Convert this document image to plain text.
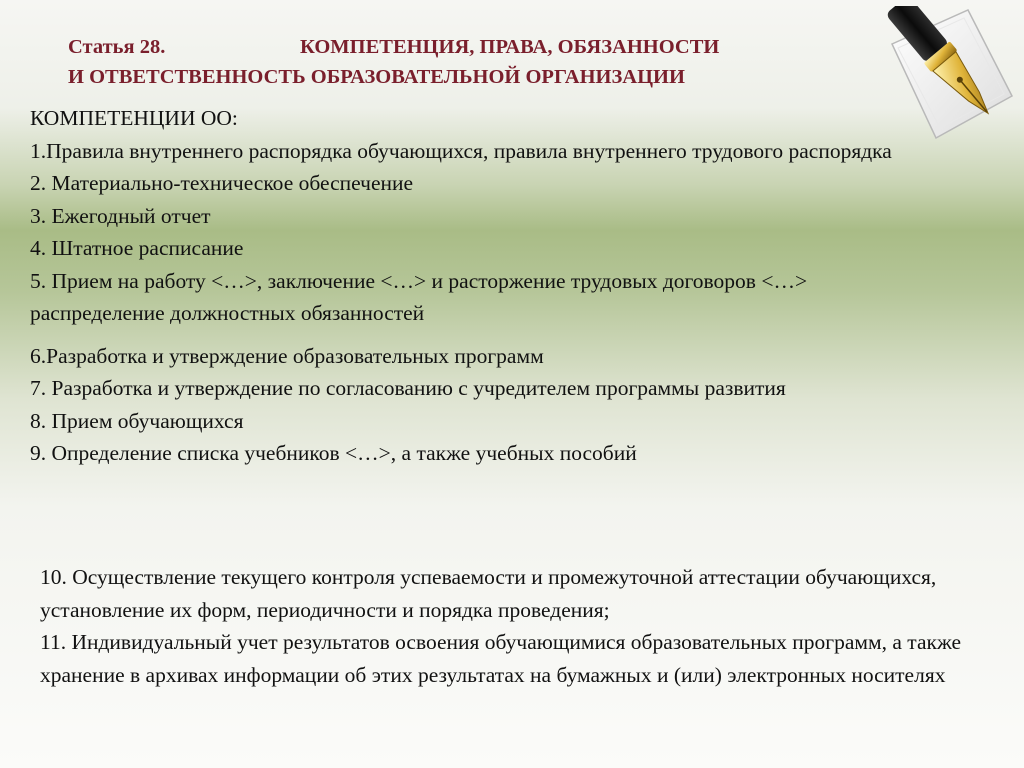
Статья 28.	КОМПЕТЕНЦИЯ, ПРАВА, ОБЯЗАННОСТИ
И ОТВЕТСТВЕННОСТЬ ОБРАЗОВАТЕЛЬНОЙ ОРГАНИЗАЦИИ

КОМПЕТЕНЦИИ ОО:

1.Правила внутреннего распорядка обучающихся, правила внутреннего трудового распорядка

2. Материально-техническое обеспечение

3. Ежегодный отчет

4. Штатное расписание

5. Прием на работу <…>, заключение <…> и расторжение трудовых договоров <…> распределение должностных обязанностей

6.Разработка и утверждение образовательных программ

7. Разработка и утверждение по согласованию с учредителем программы развития

8. Прием обучающихся

9. Определение списка учебников <…>, а также учебных пособий

10. Осуществление текущего контроля успеваемости и промежуточной аттестации обучающихся, установление их форм, периодичности и порядка проведения;

11. Индивидуальный учет результатов освоения обучающимися образовательных программ, а также хранение в архивах информации об этих результатах на бумажных и (или) электронных носителях
